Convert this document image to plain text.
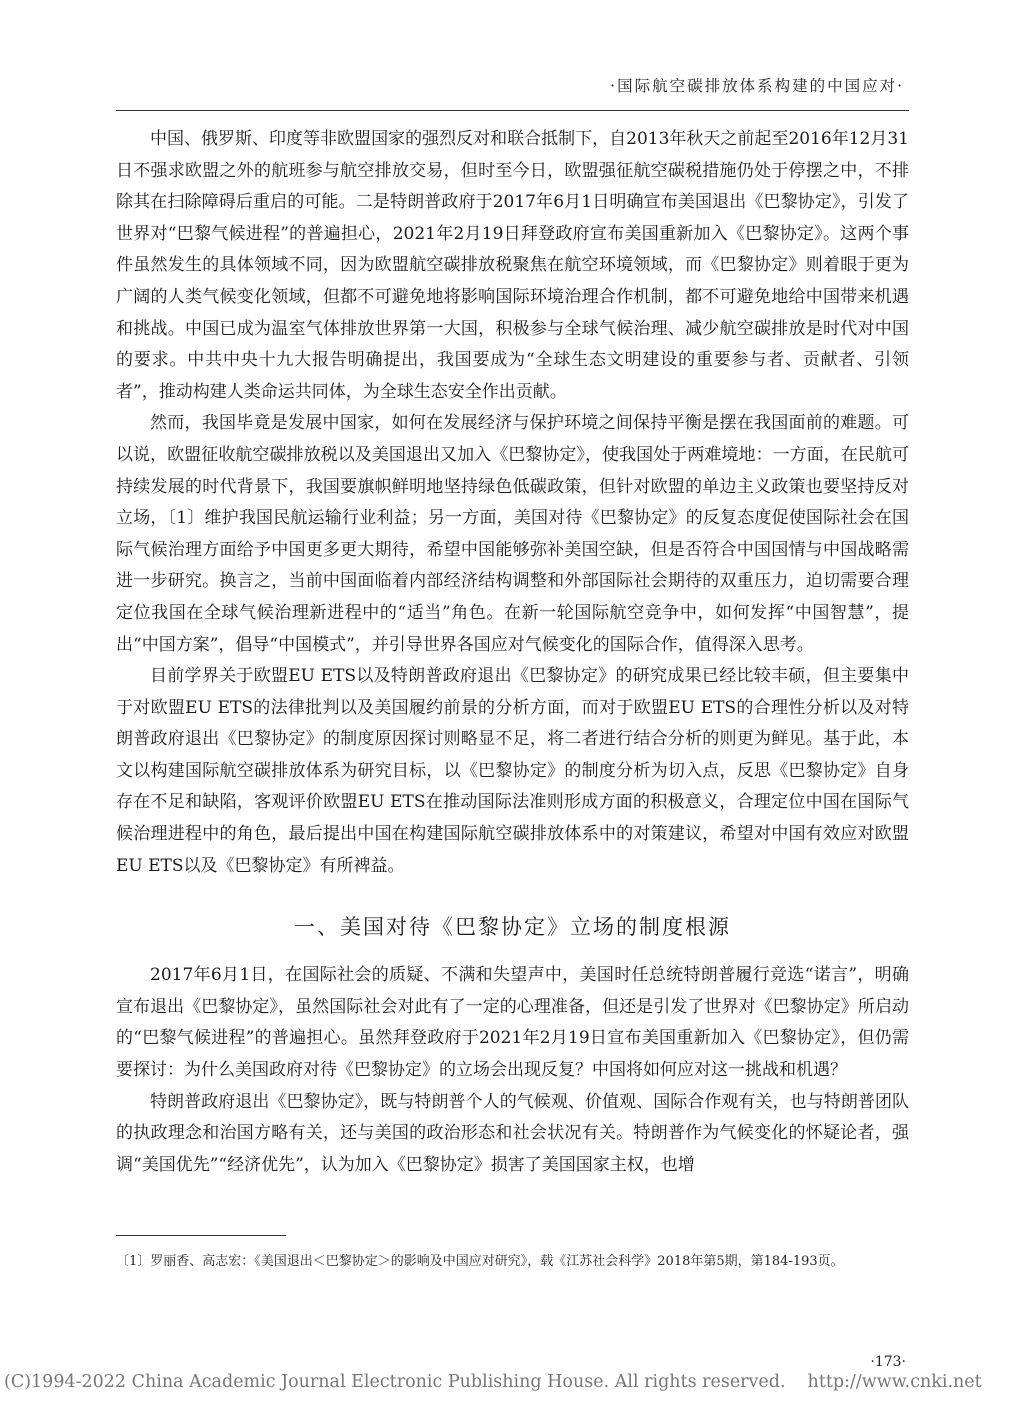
·国际航空碳排放体系构建的中国应对·

中国、俄罗斯、印度等非欧盟国家的强烈反对和联合抵制下，自2013年秋天之前起至2016年12月31日不强求欧盟之外的航班参与航空排放交易，但时至今日，欧盟强征航空碳税措施仍处于停摆之中，不排除其在扫除障碍后重启的可能。二是特朗普政府于2017年6月1日明确宣布美国退出《巴黎协定》，引发了世界对“巴黎气候进程”的普遍担心，2021年2月19日拜登政府宣布美国重新加入《巴黎协定》。这两个事件虽然发生的具体领域不同，因为欧盟航空碳排放税聚焦在航空环境领域，而《巴黎协定》则着眼于更为广阔的人类气候变化领域，但都不可避免地将影响国际环境治理合作机制，都不可避免地给中国带来机遇和挑战。中国已成为温室气体排放世界第一大国，积极参与全球气候治理、减少航空碳排放是时代对中国的要求。中共中央十九大报告明确提出，我国要成为“全球生态文明建设的重要参与者、贡献者、引领者”，推动构建人类命运共同体，为全球生态安全作出贡献。

然而，我国毕竟是发展中国家，如何在发展经济与保护环境之间保持平衡是摆在我国面前的难题。可以说，欧盟征收航空碳排放税以及美国退出又加入《巴黎协定》，使我国处于两难境地：一方面，在民航可持续发展的时代背景下，我国要旗帜鲜明地坚持绿色低碳政策，但针对欧盟的单边主义政策也要坚持反对立场，〔1〕维护我国民航运输行业利益；另一方面，美国对待《巴黎协定》的反复态度促使国际社会在国际气候治理方面给予中国更多更大期待，希望中国能够弥补美国空缺，但是否符合中国国情与中国战略需进一步研究。换言之，当前中国面临着内部经济结构调整和外部国际社会期待的双重压力，迫切需要合理定位我国在全球气候治理新进程中的“适当”角色。在新一轮国际航空竞争中，如何发挥“中国智慧”，提出“中国方案”，倡导“中国模式”，并引导世界各国应对气候变化的国际合作，值得深入思考。

目前学界关于欧盟EU ETS以及特朗普政府退出《巴黎协定》的研究成果已经比较丰硕，但主要集中于对欧盟EU ETS的法律批判以及美国履约前景的分析方面，而对于欧盟EU ETS的合理性分析以及对特朗普政府退出《巴黎协定》的制度原因探讨则略显不足，将二者进行结合分析的则更为鲜见。基于此，本文以构建国际航空碳排放体系为研究目标，以《巴黎协定》的制度分析为切入点，反思《巴黎协定》自身存在不足和缺陷，客观评价欧盟EU ETS在推动国际法准则形成方面的积极意义，合理定位中国在国际气候治理进程中的角色，最后提出中国在构建国际航空碳排放体系中的对策建议，希望对中国有效应对欧盟EU ETS以及《巴黎协定》有所裨益。

一、美国对待《巴黎协定》立场的制度根源

2017年6月1日，在国际社会的质疑、不满和失望声中，美国时任总统特朗普履行竞选“诺言”，明确宣布退出《巴黎协定》，虽然国际社会对此有了一定的心理准备，但还是引发了世界对《巴黎协定》所启动的“巴黎气候进程”的普遍担心。虽然拜登政府于2021年2月19日宣布美国重新加入《巴黎协定》，但仍需要探讨：为什么美国政府对待《巴黎协定》的立场会出现反复？中国将如何应对这一挑战和机遇？

特朗普政府退出《巴黎协定》，既与特朗普个人的气候观、价值观、国际合作观有关，也与特朗普团队的执政理念和治国方略有关，还与美国的政治形态和社会状况有关。特朗普作为气候变化的怀疑论者，强调“美国优先”“经济优先”，认为加入《巴黎协定》损害了美国国家主权，也增

〔1〕罗丽香、高志宏：《美国退出＜巴黎协定＞的影响及中国应对研究》，载《江苏社会科学》2018年第5期，第184-193页。
·173·
(C)1994-2022 China Academic Journal Electronic Publishing House. All rights reserved. http://www.cnki.net
